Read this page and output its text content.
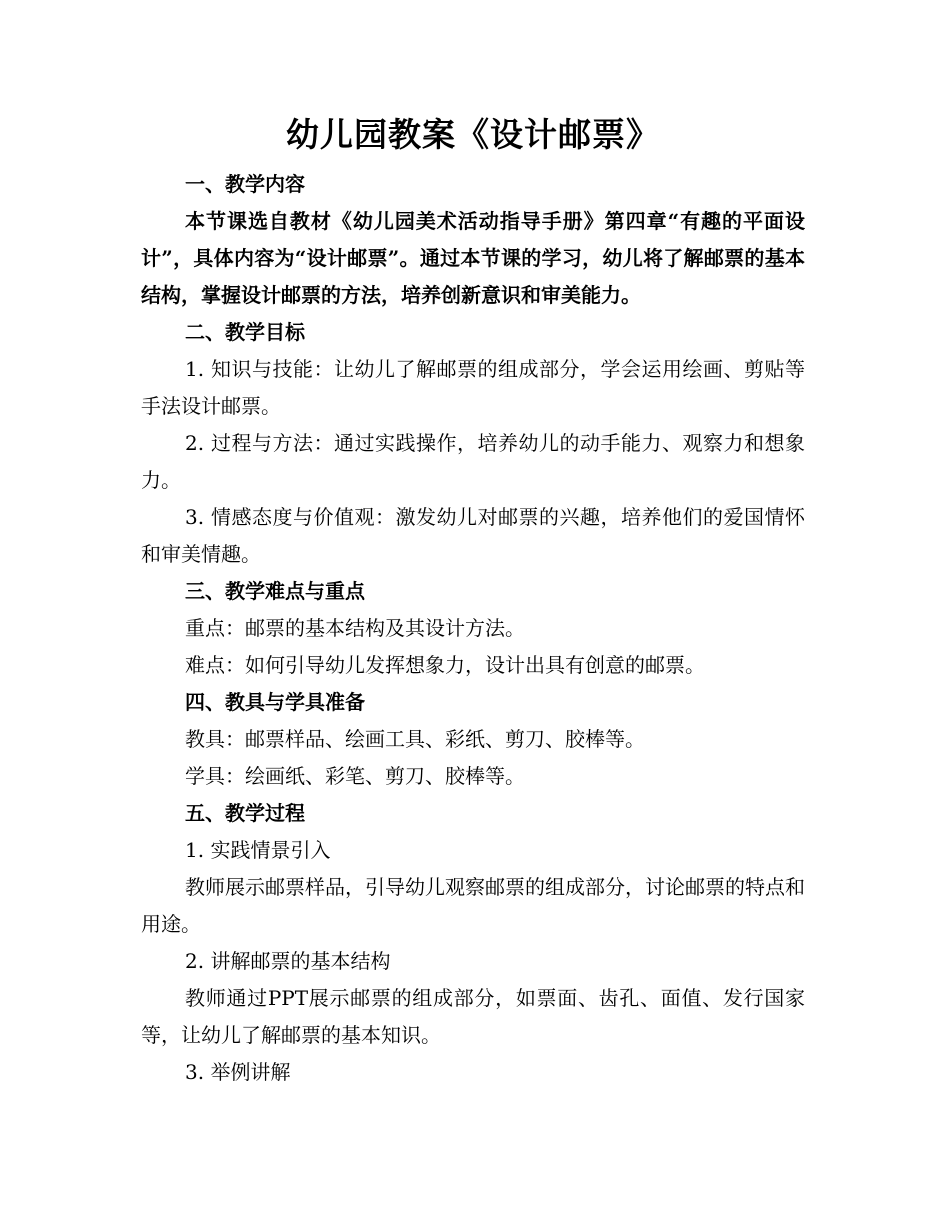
幼儿园教案《设计邮票》

一、教学内容

本节课选自教材《幼儿园美术活动指导手册》第四章“有趣的平面设计”，具体内容为“设计邮票”。通过本节课的学习，幼儿将了解邮票的基本结构，掌握设计邮票的方法，培养创新意识和审美能力。

二、教学目标

1. 知识与技能：让幼儿了解邮票的组成部分，学会运用绘画、剪贴等手法设计邮票。

2. 过程与方法：通过实践操作，培养幼儿的动手能力、观察力和想象力。

3. 情感态度与价值观：激发幼儿对邮票的兴趣，培养他们的爱国情怀和审美情趣。

三、教学难点与重点

重点：邮票的基本结构及其设计方法。

难点：如何引导幼儿发挥想象力，设计出具有创意的邮票。

四、教具与学具准备

教具：邮票样品、绘画工具、彩纸、剪刀、胶棒等。

学具：绘画纸、彩笔、剪刀、胶棒等。

五、教学过程

1. 实践情景引入

教师展示邮票样品，引导幼儿观察邮票的组成部分，讨论邮票的特点和用途。

2. 讲解邮票的基本结构

教师通过PPT展示邮票的组成部分，如票面、齿孔、面值、发行国家等，让幼儿了解邮票的基本知识。

3. 举例讲解
